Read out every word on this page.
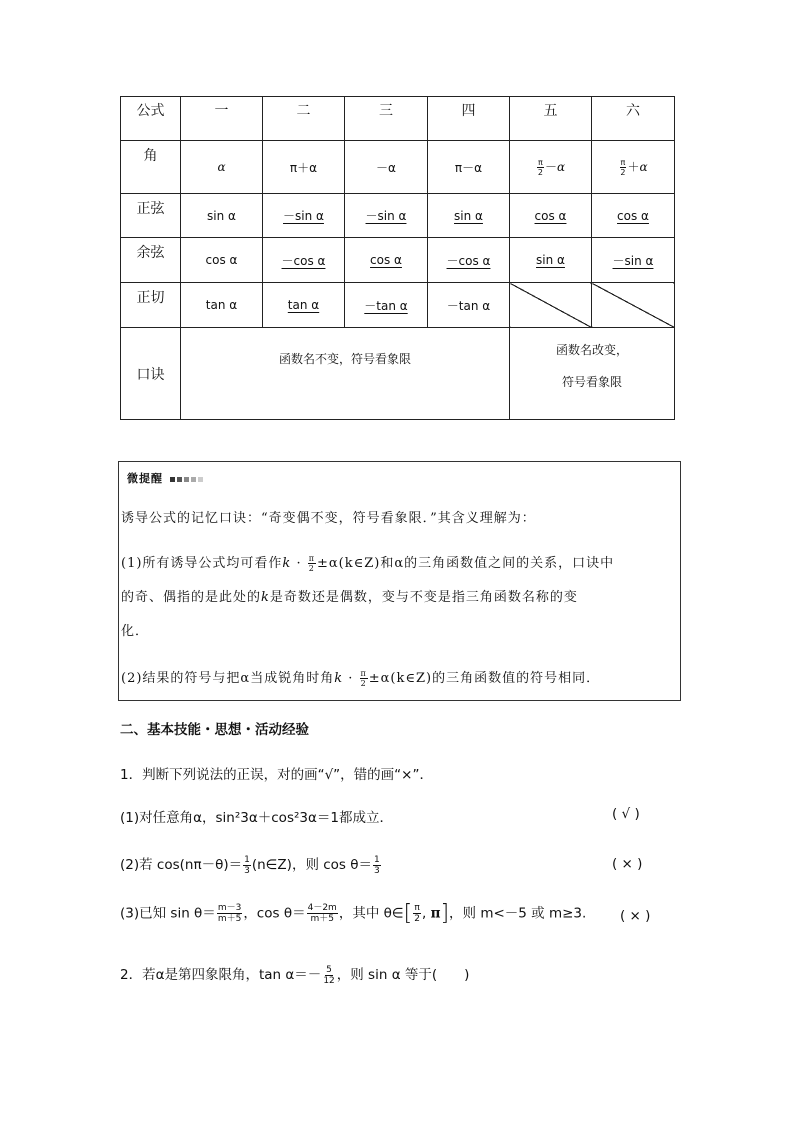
公式	一	二	三	四	五	六
角	α	π＋α	－α	π－α	$\frac{\pi}{2} -\alpha$	$\frac{\pi}{2} +\alpha$
正弦	sin α	－sin α	－sin α	sin α	cos α	cos α
余弦	cos α	－cos α	cos α	－cos α	sin α	－sin α
正切	tan α	tan α	－tan α	－tan α		
口诀	函数名不变，符号看象限				函数名改变，
符号看象限	
微提醒

诱导公式的记忆口诀：“奇变偶不变，符号看象限．”其含义理解为：

(1)所有诱导公式均可看作$k \cdot \frac{\pi}{2}$ ±α(k∈Z)和α的三角函数值之间的关系，口诀中

的奇、偶指的是此处的k是奇数还是偶数，变与不变是指三角函数名称的变

化．

(2)结果的符号与把α当成锐角时角$k \cdot \frac{\pi}{2}$ ±α(k∈Z)的三角函数值的符号相同．

二、基本技能・思想・活动经验

1．判断下列说法的正误，对的画“√”，错的画“×”．

(1)对任意角α，sin²3α＋cos²3α＝1都成立．	( √ )

(2)若 $\cos(n\pi-\theta)= \frac{1}{3}$ (n∈Z)，则 $\cos \theta= \frac{1}{3}$	( × )

(3)已知 $\sin \theta= \frac{m-3}{m+5}$ ，$\cos \theta= \frac{4-2m}{m+5}$ ，其中 θ∈[ $\frac{\pi}{2}$ , π]，则 m<－5 或 m≥3. ( × )

2．若α是第四象限角，$\tan \alpha=- \frac{5}{12}$ ，则 sin α 等于(　　)
